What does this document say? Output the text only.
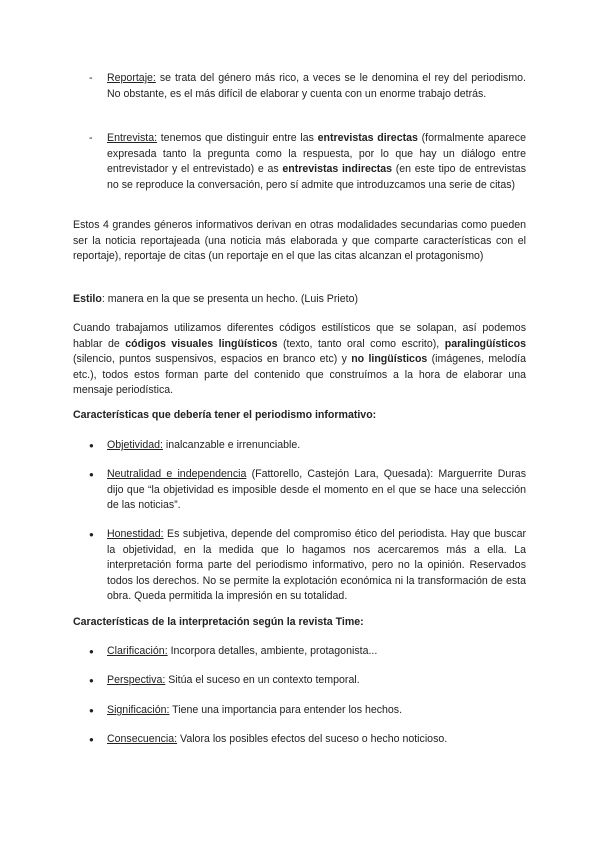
- Reportaje: se trata del género más rico, a veces se le denomina el rey del periodismo. No obstante, es el más difícil de elaborar y cuenta con un enorme trabajo detrás.
- Entrevista: tenemos que distinguir entre las entrevistas directas (formalmente aparece expresada tanto la pregunta como la respuesta, por lo que hay un diálogo entre entrevistador y el entrevistado) e as entrevistas indirectas (en este tipo de entrevistas no se reproduce la conversación, pero sí admite que introduzcamos una serie de citas)
Estos 4 grandes géneros informativos derivan en otras modalidades secundarias como pueden ser la noticia reportajeada (una noticia más elaborada y que comparte características con el reportaje), reportaje de citas (un reportaje en el que las citas alcanzan el protagonismo)
Estilo: manera en la que se presenta un hecho. (Luis Prieto)
Cuando trabajamos utilizamos diferentes códigos estilísticos que se solapan, así podemos hablar de códigos visuales lingüísticos (texto, tanto oral como escrito), paralingüísticos (silencio, puntos suspensivos, espacios en branco etc) y no lingüísticos (imágenes, melodía etc.), todos estos forman parte del contenido que construímos a la hora de elaborar una mensaje periodística.
Características que debería tener el periodismo informativo:
● Objetividad: inalcanzable e irrenunciable.
● Neutralidad e independencia (Fattorello, Castejón Lara, Quesada): Marguerrite Duras dijo que “la objetividad es imposible desde el momento en el que se hace una selección de las noticias”.
● Honestidad: Es subjetiva, depende del compromiso ético del periodista. Hay que buscar la objetividad, en la medida que lo hagamos nos acercaremos más a ella. La interpretación forma parte del periodismo informativo, pero no la opinión. Reservados todos los derechos. No se permite la explotación económica ni la transformación de esta obra. Queda permitida la impresión en su totalidad.
Características de la interpretación según la revista Time:
● Clarificación: Incorpora detalles, ambiente, protagonista...
● Perspectiva: Sitúa el suceso en un contexto temporal.
● Significación: Tiene una importancia para entender los hechos.
● Consecuencia: Valora los posibles efectos del suceso o hecho noticioso.
